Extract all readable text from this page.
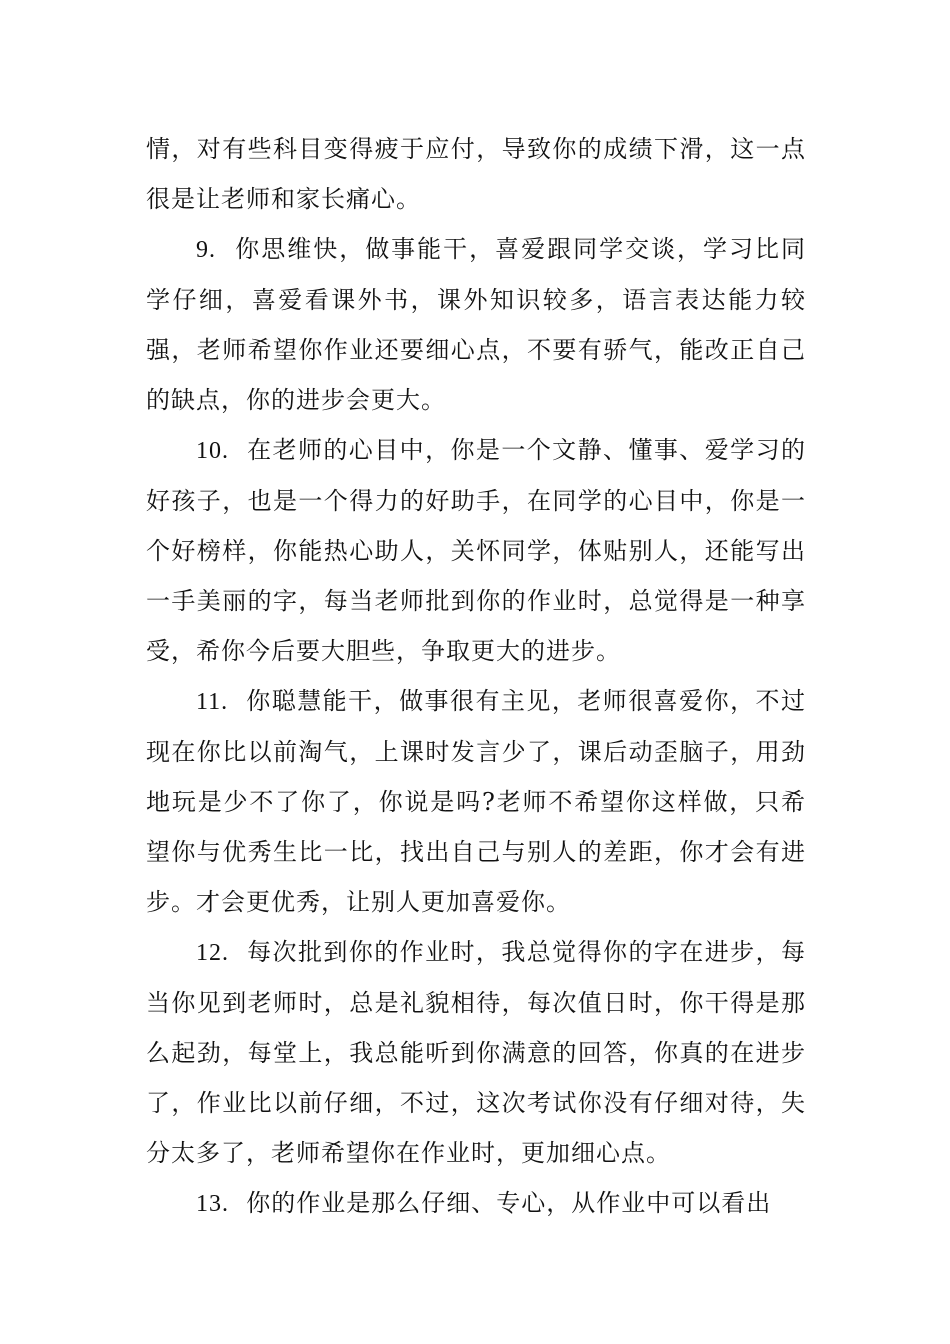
情，对有些科目变得疲于应付，导致你的成绩下滑，这一点很是让老师和家长痛心。

9. 你思维快，做事能干，喜爱跟同学交谈，学习比同学仔细，喜爱看课外书，课外知识较多，语言表达能力较强，老师希望你作业还要细心点，不要有骄气，能改正自己的缺点，你的进步会更大。

10. 在老师的心目中，你是一个文静、懂事、爱学习的好孩子，也是一个得力的好助手，在同学的心目中，你是一个好榜样，你能热心助人，关怀同学，体贴别人，还能写出一手美丽的字，每当老师批到你的作业时，总觉得是一种享受，希你今后要大胆些，争取更大的进步。

11. 你聪慧能干，做事很有主见，老师很喜爱你，不过现在你比以前淘气，上课时发言少了，课后动歪脑子，用劲地玩是少不了你了，你说是吗?老师不希望你这样做，只希望你与优秀生比一比，找出自己与别人的差距，你才会有进步。才会更优秀，让别人更加喜爱你。

12. 每次批到你的作业时，我总觉得你的字在进步，每当你见到老师时，总是礼貌相待，每次值日时，你干得是那么起劲，每堂上，我总能听到你满意的回答，你真的在进步了，作业比以前仔细，不过，这次考试你没有仔细对待，失分太多了，老师希望你在作业时，更加细心点。

13. 你的作业是那么仔细、专心，从作业中可以看出
